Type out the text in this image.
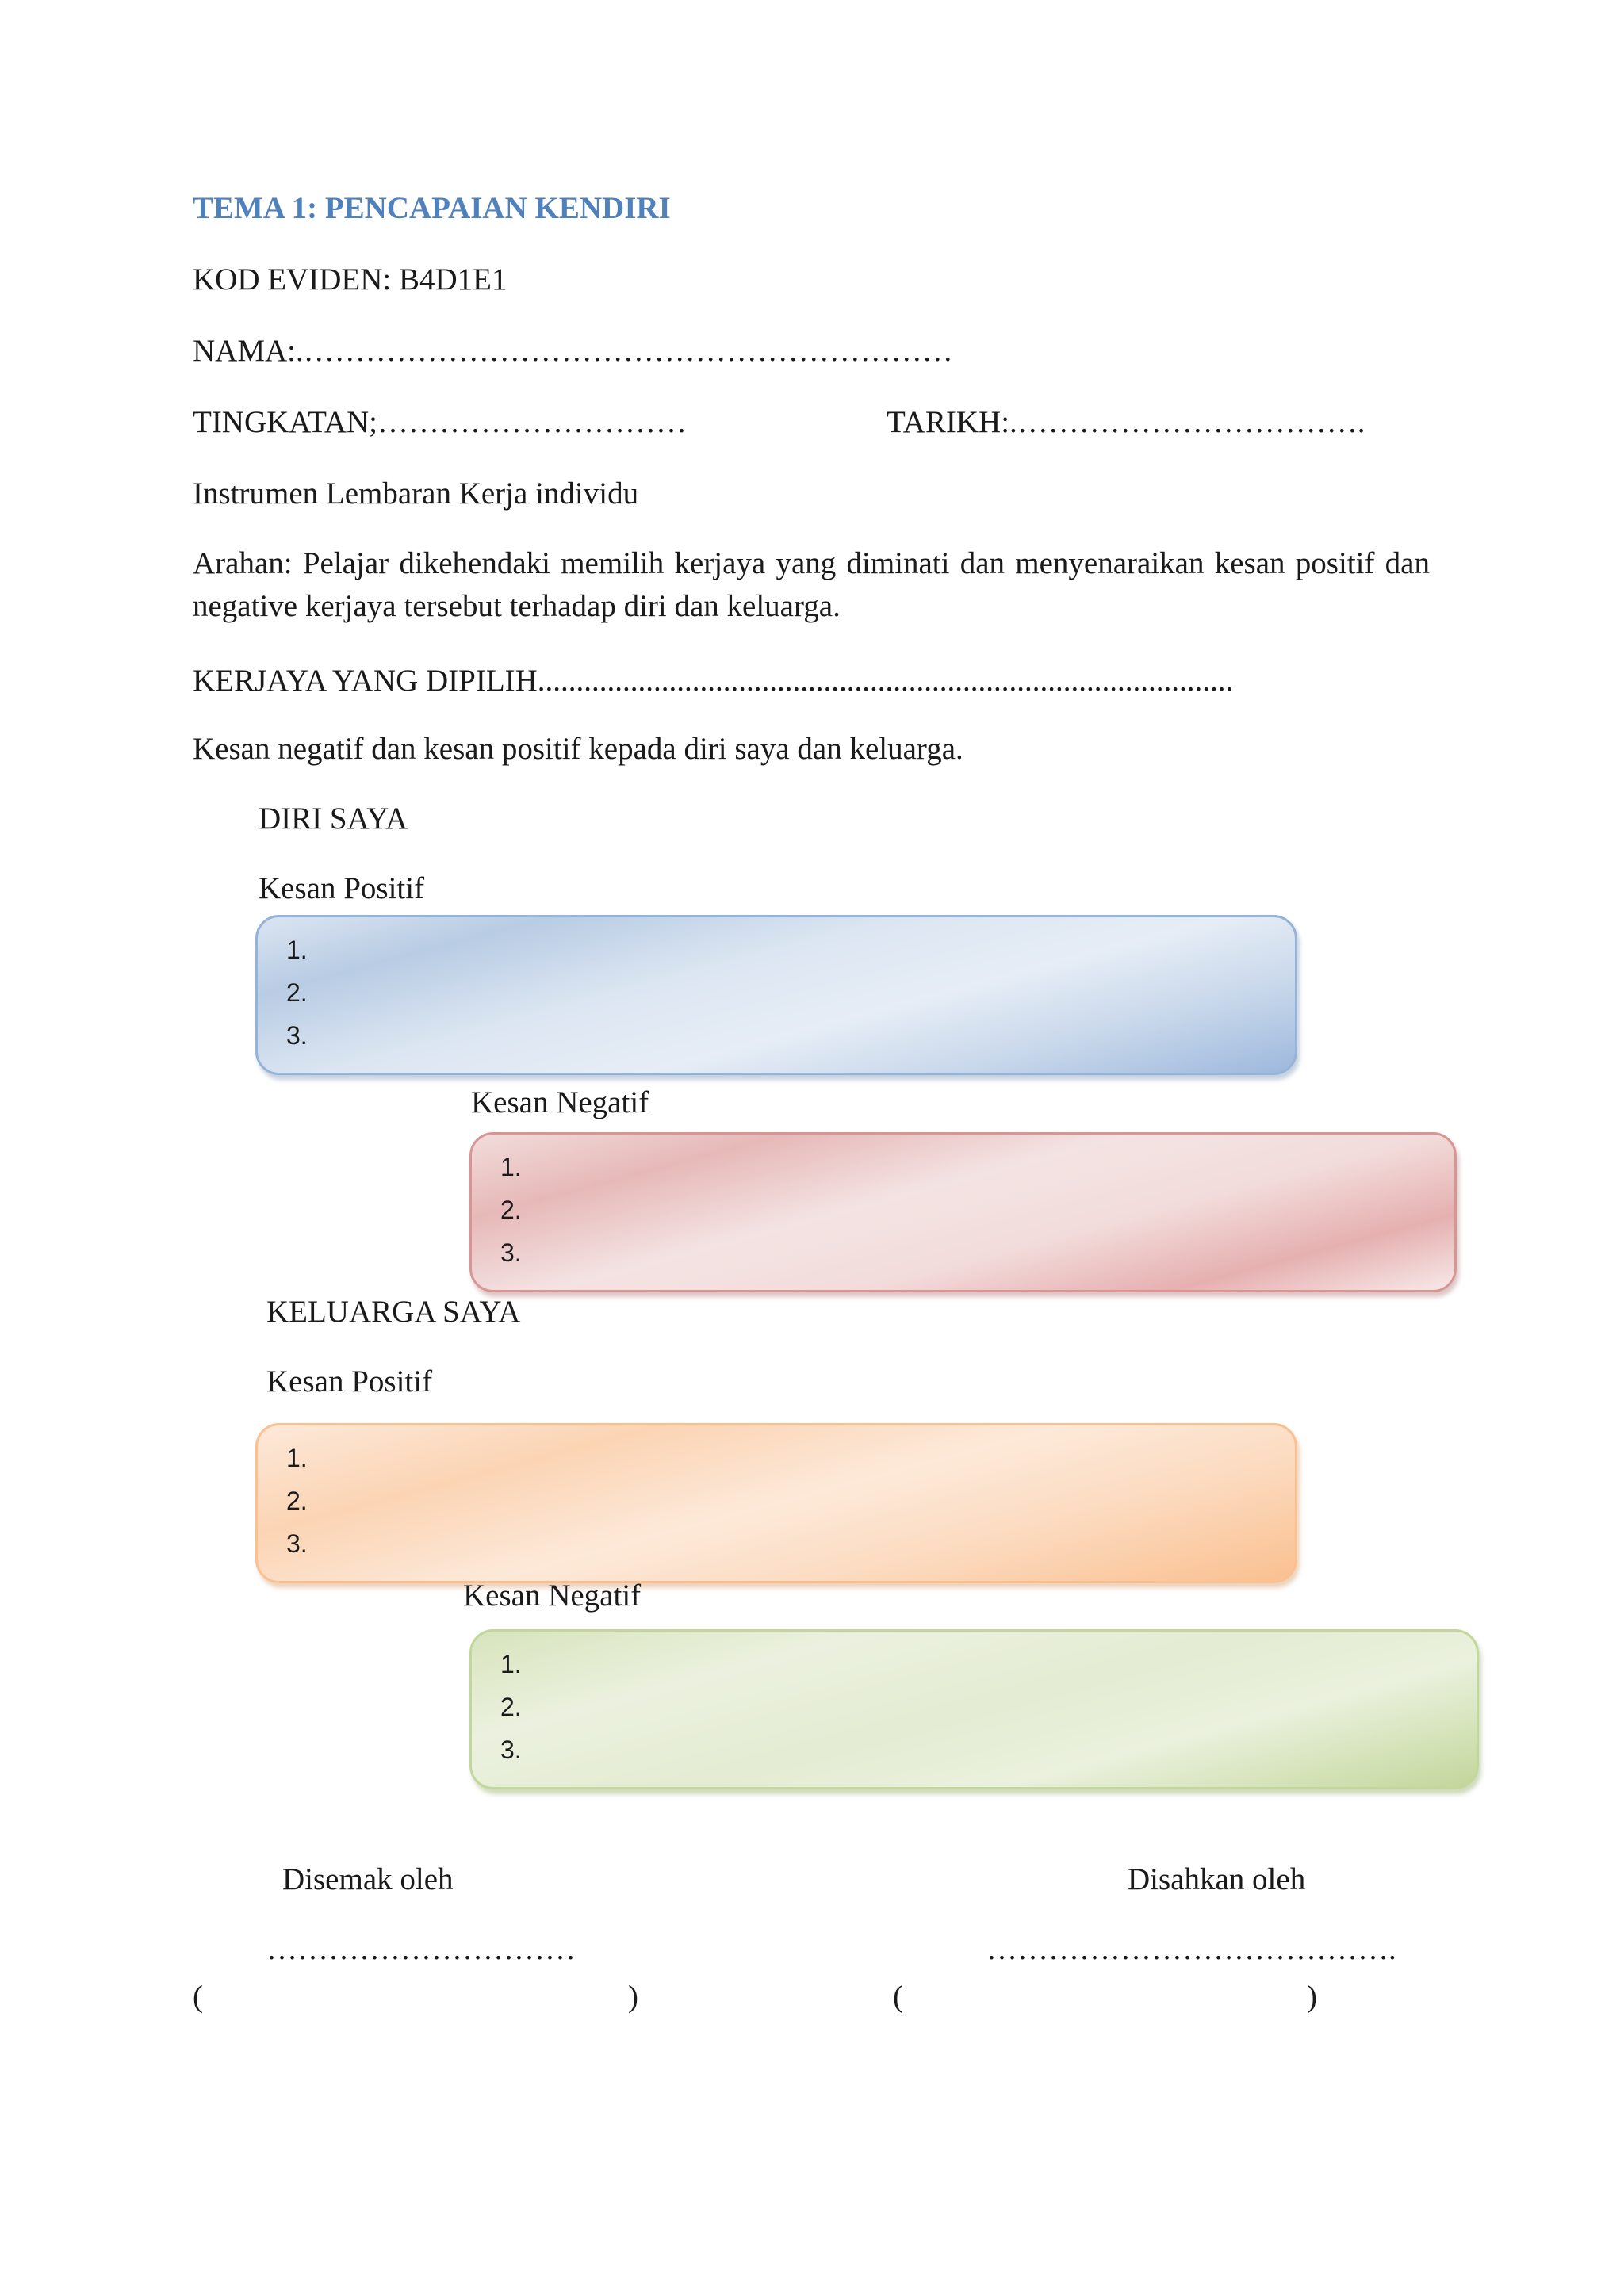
TEMA 1: PENCAPAIAN KENDIRI
KOD EVIDEN: B4D1E1
NAMA:.………………………………………………………
TINGKATAN;…………………………	TARIKH:.…………………………….
Instrumen Lembaran Kerja individu
Arahan: Pelajar dikehendaki memilih kerjaya yang diminati dan menyenaraikan kesan positif dan negative kerjaya tersebut terhadap diri dan keluarga.
KERJAYA YANG DIPILIH..........................................................................................
Kesan negatif dan kesan positif kepada diri saya dan keluarga.
DIRI SAYA
Kesan Positif
1.
2.
3.
Kesan Negatif
1.
2.
3.
KELUARGA SAYA
Kesan Positif
1.
2.
3.
Kesan Negatif
1.
2.
3.
Disemak oleh	Disahkan oleh
…………………………	………………………………….
(	)	(	)
